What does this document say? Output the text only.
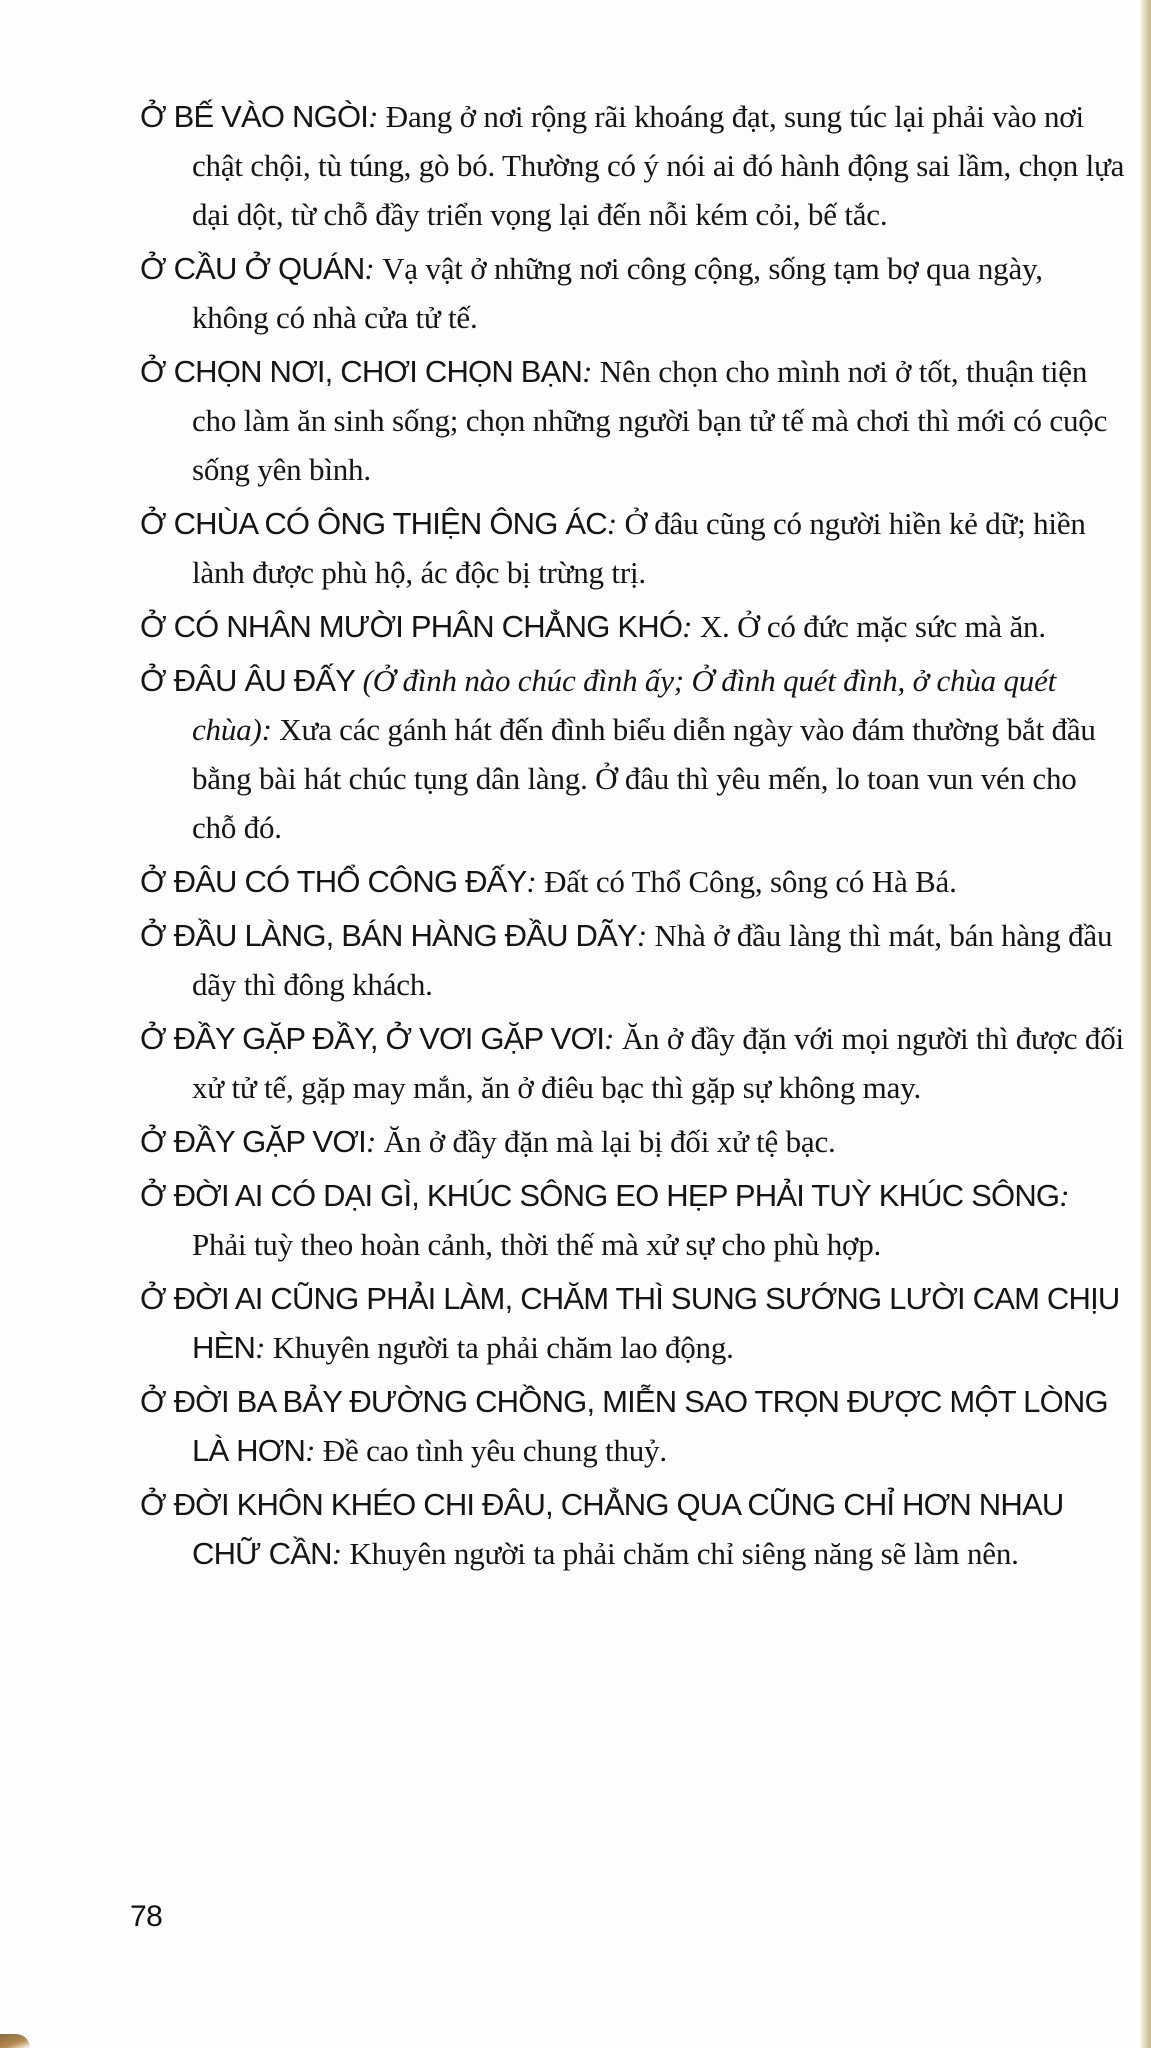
Ở BẾ VÀO NGÒI: Đang ở nơi rộng rãi khoáng đạt, sung túc lại phải vào nơi chật chội, tù túng, gò bó. Thường có ý nói ai đó hành động sai lầm, chọn lựa dại dột, từ chỗ đầy triển vọng lại đến nỗi kém cỏi, bế tắc.

Ở CẦU Ở QUÁN: Vạ vật ở những nơi công cộng, sống tạm bợ qua ngày, không có nhà cửa tử tế.

Ở CHỌN NƠI, CHƠI CHỌN BẠN: Nên chọn cho mình nơi ở tốt, thuận tiện cho làm ăn sinh sống; chọn những người bạn tử tế mà chơi thì mới có cuộc sống yên bình.

Ở CHÙA CÓ ÔNG THIỆN ÔNG ÁC: Ở đâu cũng có người hiền kẻ dữ; hiền lành được phù hộ, ác độc bị trừng trị.

Ở CÓ NHÂN MƯỜI PHÂN CHẲNG KHÓ: X. Ở có đức mặc sức mà ăn.

Ở ĐÂU ÂU ĐẤY (Ở đình nào chúc đình ấy; Ở đình quét đình, ở chùa quét chùa): Xưa các gánh hát đến đình biểu diễn ngày vào đám thường bắt đầu bằng bài hát chúc tụng dân làng. Ở đâu thì yêu mến, lo toan vun vén cho chỗ đó.

Ở ĐÂU CÓ THỔ CÔNG ĐẤY: Đất có Thổ Công, sông có Hà Bá.

Ở ĐẦU LÀNG, BÁN HÀNG ĐẦU DÃY: Nhà ở đầu làng thì mát, bán hàng đầu dãy thì đông khách.

Ở ĐẦY GẶP ĐẦY, Ở VƠI GẶP VƠI: Ăn ở đầy đặn với mọi người thì được đối xử tử tế, gặp may mắn, ăn ở điêu bạc thì gặp sự không may.

Ở ĐẦY GẶP VƠI: Ăn ở đầy đặn mà lại bị đối xử tệ bạc.

Ở ĐỜI AI CÓ DẠI GÌ, KHÚC SÔNG EO HẸP PHẢI TUỲ KHÚC SÔNG: Phải tuỳ theo hoàn cảnh, thời thế mà xử sự cho phù hợp.

Ở ĐỜI AI CŨNG PHẢI LÀM, CHĂM THÌ SUNG SƯỚNG LƯỜI CAM CHỊU HÈN: Khuyên người ta phải chăm lao động.

Ở ĐỜI BA BẢY ĐƯỜNG CHỒNG, MIỄN SAO TRỌN ĐƯỢC MỘT LÒNG LÀ HƠN: Đề cao tình yêu chung thuỷ.

Ở ĐỜI KHÔN KHÉO CHI ĐÂU, CHẲNG QUA CŨNG CHỈ HƠN NHAU CHỮ CẦN: Khuyên người ta phải chăm chỉ siêng năng sẽ làm nên.

78
